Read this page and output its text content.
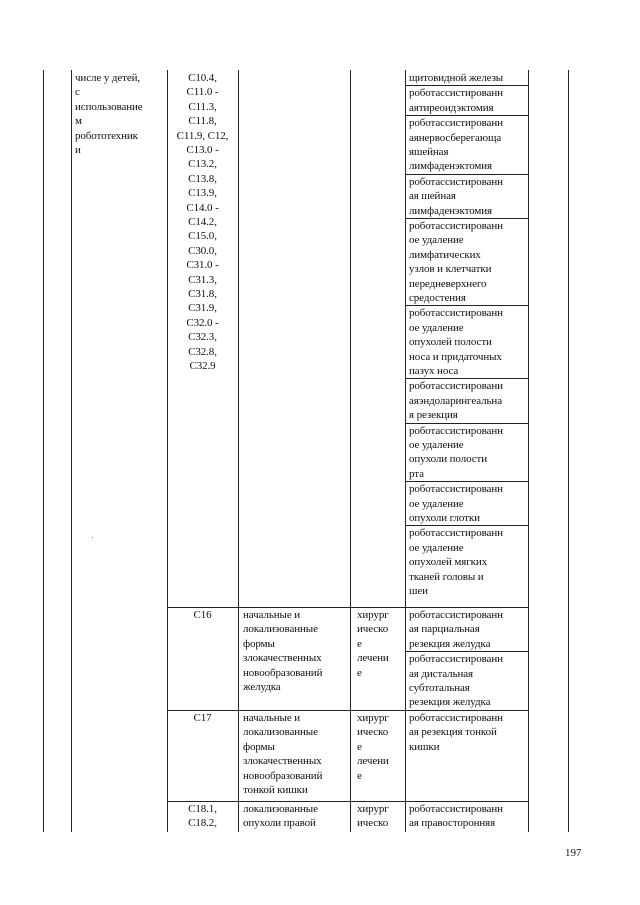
числе у детей,
с
использование
м
робототехник
и
C10.4,
C11.0 -
C11.3,
C11.8,
C11.9, C12,
C13.0 -
C13.2,
C13.8,
C13.9,
C14.0 -
C14.2,
C15.0,
C30.0,
C31.0 -
C31.3,
C31.8,
C31.9,
C32.0 -
C32.3,
C32.8,
C32.9
щитовидной железы
роботассистированн
аятиреоидэктомия
роботассистированн
аянервосберегающа
яшейная
лимфаденэктомия
роботассистированн
ая шейная
лимфаденэктомия
роботассистированн
ое удаление
лимфатических
узлов и клетчатки
передневерхнего
средостения
роботассистированн
ое удаление
опухолей полости
носа и придаточных
пазух носа
роботассистировани
аяэндоларингеальна
я резекция
роботассистированн
ое удаление
опухоли полости
рта
роботассистированн
ое удаление
опухоли глотки
роботассистированн
ое удаление
опухолей мягких
тканей головы и
шеи
C16	начальные и
локализованные
формы
злокачественных
новообразований
желудка
хирург
ическо
е
лечени
е
роботассистированн
ая парциальная
резекция желудка
роботассистированн
ая дистальная
субтотальная
резекция желудка
C17	начальные и
локализованные
формы
злокачественных
новообразований
тонкой кишки
хирург
ическо
е
лечени
е
роботассистированн
ая резекция тонкой
кишки
C18.1,
C18.2,
локализованные
опухоли правой
хирург
ическо
роботассистированн
ая правосторонняя
197
